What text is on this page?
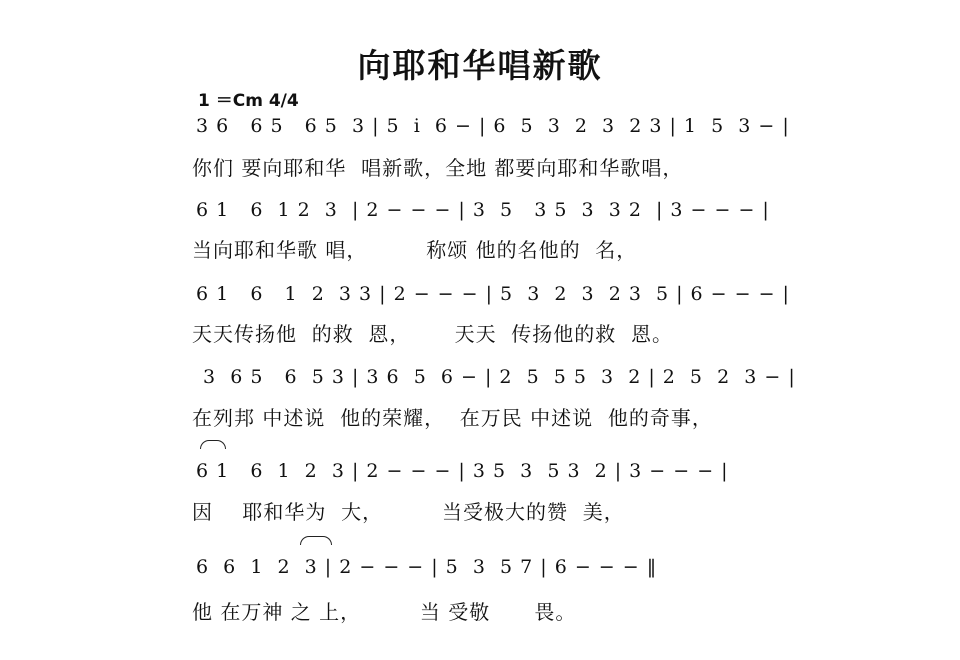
向耶和华唱新歌
1 ＝Cm 4/4
3 6   6 5   6 5  3 | 5  i  6 − | 6  5  3  2  3  2 3 | 1  5  3 − |
你们 要向耶和华  唱新歌，全地 都要向耶和华歌唱，
6 1   6  1 2  3  | 2 − − − | 3  5   3 5  3  3 2  | 3 − − − |
当向耶和华歌 唱，        称颂 他的名他的  名，
6 1   6   1  2  3 3 | 2 − − − | 5  3  2  3  2 3  5 | 6 − − − |
天天传扬他  的救  恩，      天天  传扬他的救  恩。
3  6 5   6  5 3 | 3 6  5  6 − | 2  5  5 5  3  2 | 2  5  2  3 − |
在列邦 中述说  他的荣耀，  在万民 中述说  他的奇事，
6 1   6  1  2  3 | 2 − − − | 3 5  3  5 3  2 | 3 − − − |
因    耶和华为  大，        当受极大的赞  美，
6  6  1  2  3 | 2 − − − | 5  3  5 7 | 6 − − − ‖
他 在万神 之 上，        当 受敬      畏。
